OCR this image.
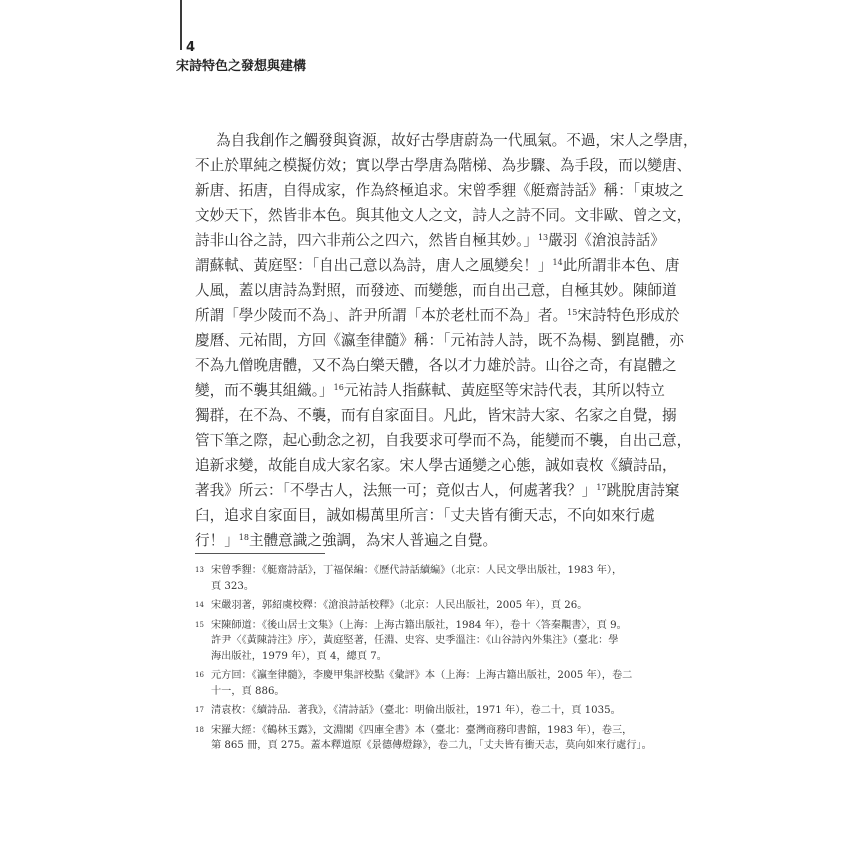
4
宋詩特色之發想與建構
為自我創作之觸發與資源，故好古學唐蔚為一代風氣。不過，宋人之學唐，
不止於單純之模擬仿效；實以學古學唐為階梯、為步驟、為手段，而以變唐、
新唐、拓唐，自得成家，作為終極追求。宋曾季貍《艇齋詩話》稱：「東坡之
文妙天下，然皆非本色。與其他文人之文，詩人之詩不同。文非歐、曾之文，
詩非山谷之詩，四六非荊公之四六，然皆自極其妙。」$^{13}$嚴羽《滄浪詩話》
謂蘇軾、黃庭堅：「自出己意以為詩，唐人之風變矣！」$^{14}$此所謂非本色、唐
人風，蓋以唐詩為對照，而發迹、而變態，而自出己意，自極其妙。陳師道
所謂「學少陵而不為」、許尹所謂「本於老杜而不為」者。$^{15}$宋詩特色形成於
慶曆、元祐間，方回《瀛奎律髓》稱：「元祐詩人詩，既不為楊、劉崑體，亦
不為九僧晚唐體，又不為白樂天體，各以才力雄於詩。山谷之奇，有崑體之
變，而不襲其組織。」$^{16}$元祐詩人指蘇軾、黃庭堅等宋詩代表，其所以特立
獨群，在不為、不襲，而有自家面目。凡此，皆宋詩大家、名家之自覺，搦
管下筆之際，起心動念之初，自我要求可學而不為，能變而不襲，自出己意，
追新求變，故能自成大家名家。宋人學古通變之心態，誠如袁枚《續詩品，
著我》所云：「不學古人，法無一可；竟似古人，何處著我？」$^{17}$跳脫唐詩窠
臼，追求自家面目，誠如楊萬里所言：「丈夫皆有衝天志，不向如來行處
行！」$^{18}$主體意識之強調，為宋人普遍之自覺。
13 宋曾季貍：《艇齋詩話》，丁福保編：《歷代詩話續編》（北京：人民文學出版社，1983 年），
頁 323。
14 宋嚴羽著，郭紹虞校釋：《滄浪詩話校釋》（北京：人民出版社，2005 年），頁 26。
15 宋陳師道：《後山居士文集》（上海：上海古籍出版社，1984 年），卷十〈答秦覯書〉，頁 9。
許尹〈《黃陳詩注》序〉，黃庭堅著，任淵、史容、史季溫注：《山谷詩內外集注》（臺北：學
海出版社，1979 年），頁 4，總頁 7。
16 元方回：《瀛奎律髓》，李慶甲集評校點《彙評》本（上海：上海古籍出版社，2005 年），卷二
十一，頁 886。
17 清袁枚：《續詩品．著我》，《清詩話》（臺北：明倫出版社，1971 年），卷二十，頁 1035。
18 宋羅大經：《鶴林玉露》，文淵閣《四庫全書》本（臺北：臺灣商務印書館，1983 年），卷三，
第 865 冊，頁 275。蓋本釋道原《景德傳燈錄》，卷二九，「丈夫皆有衝天志，莫向如來行處行」。
